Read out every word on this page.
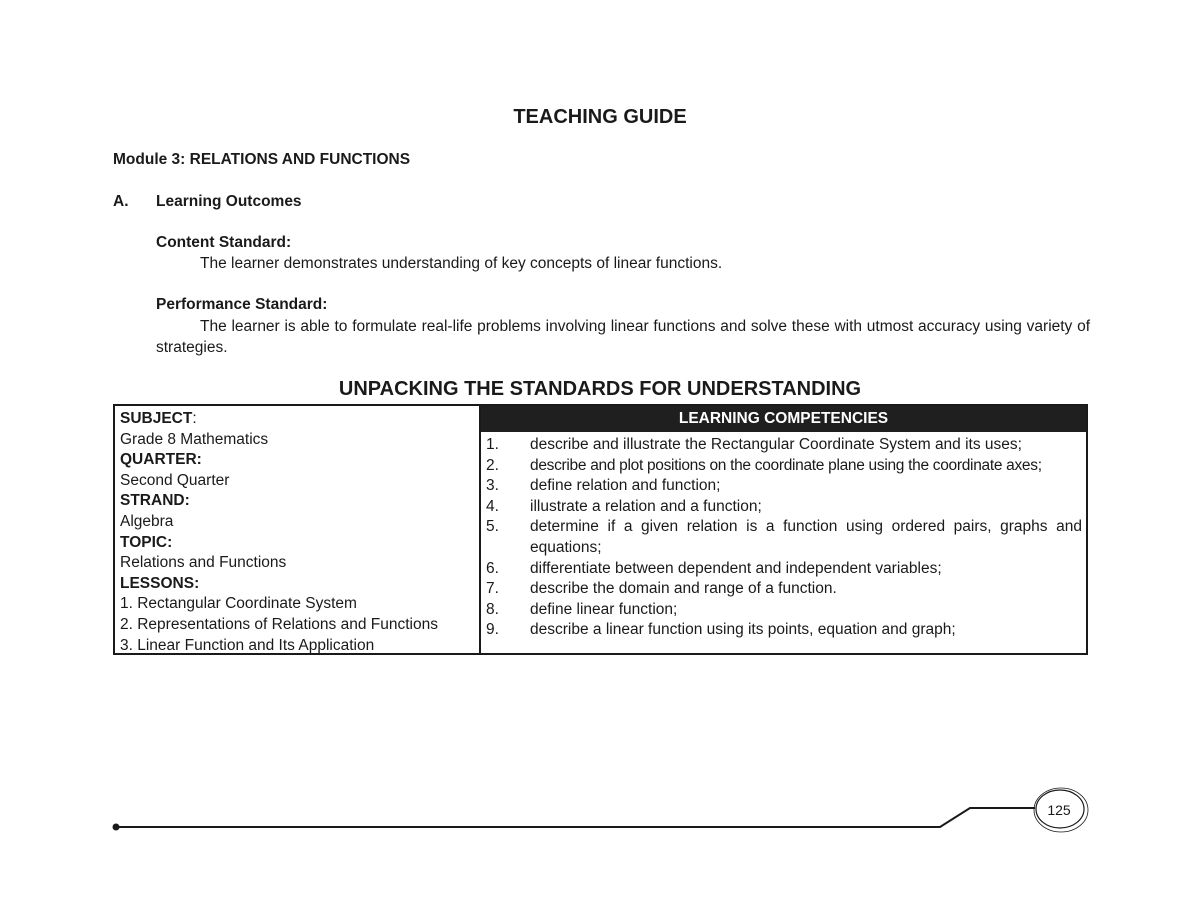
TEACHING GUIDE
Module 3: RELATIONS AND FUNCTIONS
A. Learning Outcomes
Content Standard:
The learner demonstrates understanding of key concepts of linear functions.
Performance Standard:

The learner is able to formulate real-life problems involving linear functions and solve these with utmost accuracy using variety of strategies.

UNPACKING THE STANDARDS FOR UNDERSTANDING
SUBJECT:
Grade 8 Mathematics
QUARTER:
Second Quarter
STRAND:
Algebra
TOPIC:
Relations and Functions
LESSONS:
1. Rectangular Coordinate System
2. Representations of Relations and Functions
3. Linear Function and Its Application
LEARNING COMPETENCIES
1.	describe and illustrate the Rectangular Coordinate System and its uses;
2.	describe and plot positions on the coordinate plane using the coordinate axes;
3.	define relation and function;
4.	illustrate a relation and a function;
5.	determine if a given relation is a function using ordered pairs, graphs and equations;
6.	differentiate between dependent and independent variables;
7.	describe the domain and range of a function.
8.	define linear function;
9.	describe a linear function using its points, equation and graph;
125
